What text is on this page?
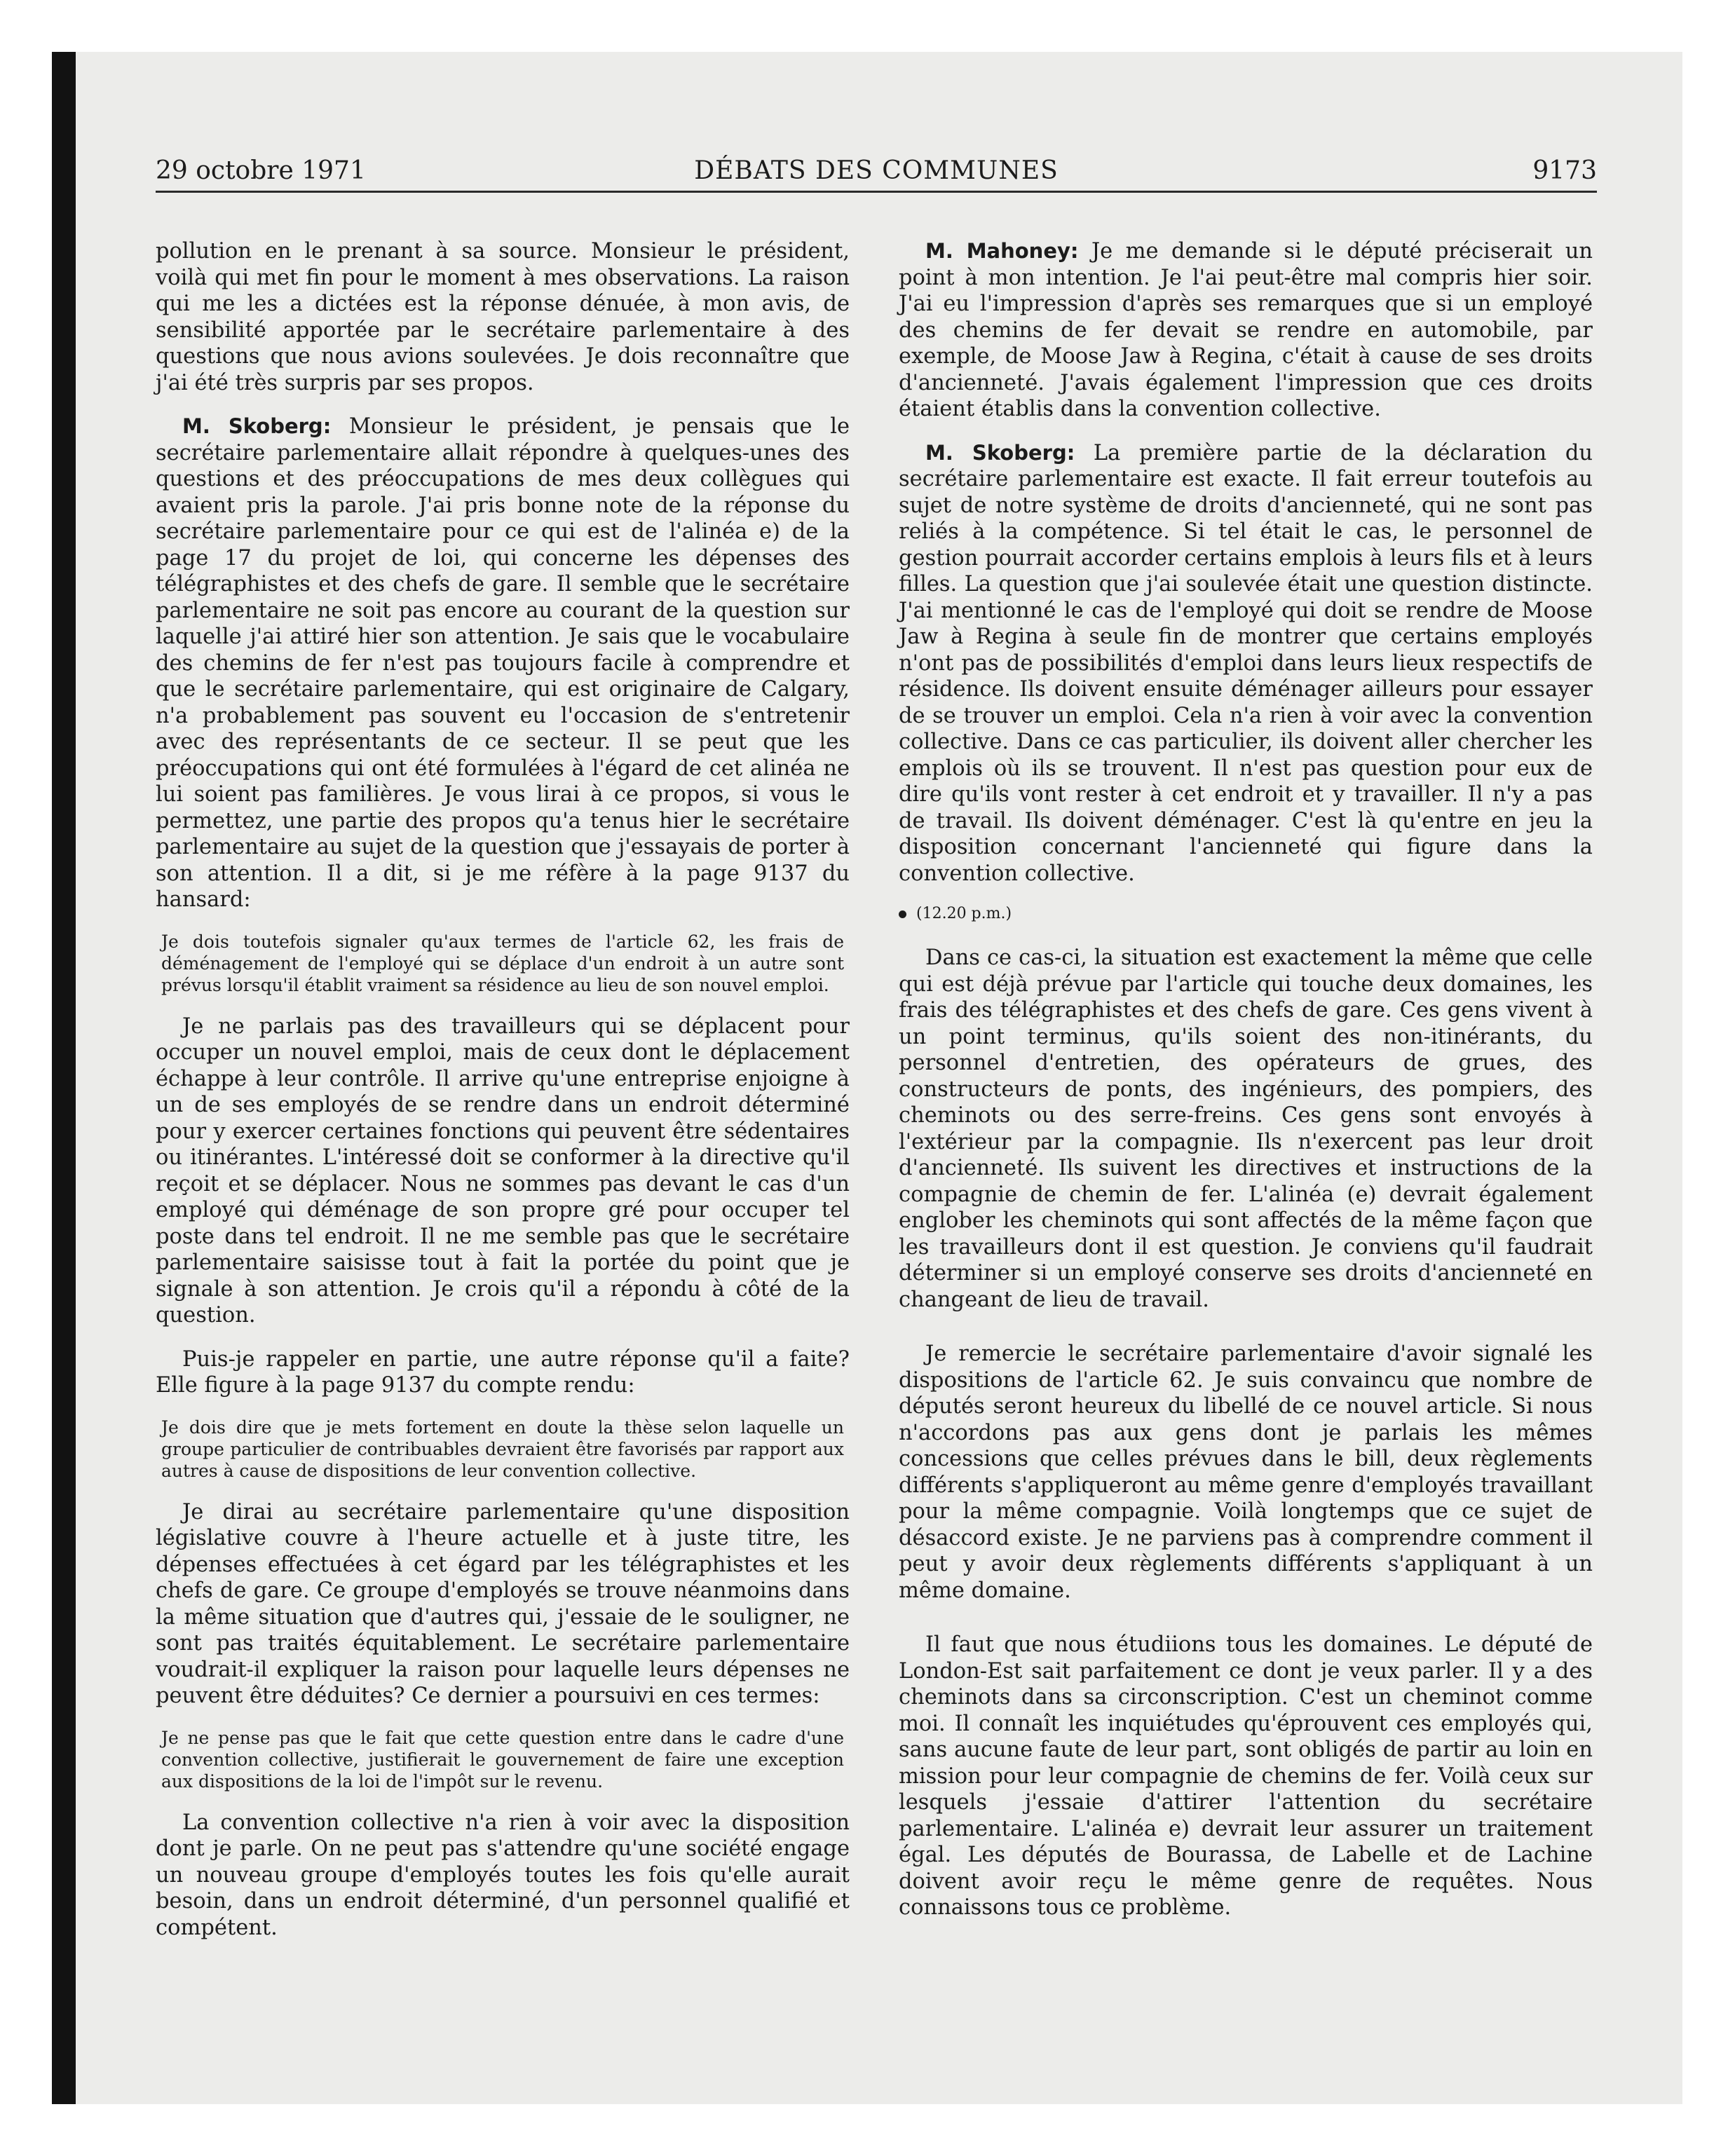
29 octobre 1971	DÉBATS DES COMMUNES	9173

pollution en le prenant à sa source. Monsieur le président, voilà qui met fin pour le moment à mes observations. La raison qui me les a dictées est la réponse dénuée, à mon avis, de sensibilité apportée par le secrétaire parlementaire à des questions que nous avions soulevées. Je dois reconnaître que j'ai été très surpris par ses propos.

M. Skoberg: Monsieur le président, je pensais que le secrétaire parlementaire allait répondre à quelques-unes des questions et des préoccupations de mes deux collègues qui avaient pris la parole. J'ai pris bonne note de la réponse du secrétaire parlementaire pour ce qui est de l'alinéa e) de la page 17 du projet de loi, qui concerne les dépenses des télégraphistes et des chefs de gare. Il semble que le secrétaire parlementaire ne soit pas encore au courant de la question sur laquelle j'ai attiré hier son attention. Je sais que le vocabulaire des chemins de fer n'est pas toujours facile à comprendre et que le secrétaire parlementaire, qui est originaire de Calgary, n'a probablement pas souvent eu l'occasion de s'entretenir avec des représentants de ce secteur. Il se peut que les préoccupations qui ont été formulées à l'égard de cet alinéa ne lui soient pas familières. Je vous lirai à ce propos, si vous le permettez, une partie des propos qu'a tenus hier le secrétaire parlementaire au sujet de la question que j'essayais de porter à son attention. Il a dit, si je me réfère à la page 9137 du hansard:

Je dois toutefois signaler qu'aux termes de l'article 62, les frais de déménagement de l'employé qui se déplace d'un endroit à un autre sont prévus lorsqu'il établit vraiment sa résidence au lieu de son nouvel emploi.

Je ne parlais pas des travailleurs qui se déplacent pour occuper un nouvel emploi, mais de ceux dont le déplacement échappe à leur contrôle. Il arrive qu'une entreprise enjoigne à un de ses employés de se rendre dans un endroit déterminé pour y exercer certaines fonctions qui peuvent être sédentaires ou itinérantes. L'intéressé doit se conformer à la directive qu'il reçoit et se déplacer. Nous ne sommes pas devant le cas d'un employé qui déménage de son propre gré pour occuper tel poste dans tel endroit. Il ne me semble pas que le secrétaire parlementaire saisisse tout à fait la portée du point que je signale à son attention. Je crois qu'il a répondu à côté de la question.

Puis-je rappeler en partie, une autre réponse qu'il a faite? Elle figure à la page 9137 du compte rendu:

Je dois dire que je mets fortement en doute la thèse selon laquelle un groupe particulier de contribuables devraient être favorisés par rapport aux autres à cause de dispositions de leur convention collective.

Je dirai au secrétaire parlementaire qu'une disposition législative couvre à l'heure actuelle et à juste titre, les dépenses effectuées à cet égard par les télégraphistes et les chefs de gare. Ce groupe d'employés se trouve néanmoins dans la même situation que d'autres qui, j'essaie de le souligner, ne sont pas traités équitablement. Le secrétaire parlementaire voudrait-il expliquer la raison pour laquelle leurs dépenses ne peuvent être déduites? Ce dernier a poursuivi en ces termes:

Je ne pense pas que le fait que cette question entre dans le cadre d'une convention collective, justifierait le gouvernement de faire une exception aux dispositions de la loi de l'impôt sur le revenu.

La convention collective n'a rien à voir avec la disposition dont je parle. On ne peut pas s'attendre qu'une société engage un nouveau groupe d'employés toutes les fois qu'elle aurait besoin, dans un endroit déterminé, d'un personnel qualifié et compétent.

M. Mahoney: Je me demande si le député préciserait un point à mon intention. Je l'ai peut-être mal compris hier soir. J'ai eu l'impression d'après ses remarques que si un employé des chemins de fer devait se rendre en automobile, par exemple, de Moose Jaw à Regina, c'était à cause de ses droits d'ancienneté. J'avais également l'impression que ces droits étaient établis dans la convention collective.

M. Skoberg: La première partie de la déclaration du secrétaire parlementaire est exacte. Il fait erreur toutefois au sujet de notre système de droits d'ancienneté, qui ne sont pas reliés à la compétence. Si tel était le cas, le personnel de gestion pourrait accorder certains emplois à leurs fils et à leurs filles. La question que j'ai soulevée était une question distincte. J'ai mentionné le cas de l'employé qui doit se rendre de Moose Jaw à Regina à seule fin de montrer que certains employés n'ont pas de possibilités d'emploi dans leurs lieux respectifs de résidence. Ils doivent ensuite déménager ailleurs pour essayer de se trouver un emploi. Cela n'a rien à voir avec la convention collective. Dans ce cas particulier, ils doivent aller chercher les emplois où ils se trouvent. Il n'est pas question pour eux de dire qu'ils vont rester à cet endroit et y travailler. Il n'y a pas de travail. Ils doivent déménager. C'est là qu'entre en jeu la disposition concernant l'ancienneté qui figure dans la convention collective.

(12.20 p.m.)

Dans ce cas-ci, la situation est exactement la même que celle qui est déjà prévue par l'article qui touche deux domaines, les frais des télégraphistes et des chefs de gare. Ces gens vivent à un point terminus, qu'ils soient des non-itinérants, du personnel d'entretien, des opérateurs de grues, des constructeurs de ponts, des ingénieurs, des pompiers, des cheminots ou des serre-freins. Ces gens sont envoyés à l'extérieur par la compagnie. Ils n'exercent pas leur droit d'ancienneté. Ils suivent les directives et instructions de la compagnie de chemin de fer. L'alinéa (e) devrait également englober les cheminots qui sont affectés de la même façon que les travailleurs dont il est question. Je conviens qu'il faudrait déterminer si un employé conserve ses droits d'ancienneté en changeant de lieu de travail.

Je remercie le secrétaire parlementaire d'avoir signalé les dispositions de l'article 62. Je suis convaincu que nombre de députés seront heureux du libellé de ce nouvel article. Si nous n'accordons pas aux gens dont je parlais les mêmes concessions que celles prévues dans le bill, deux règlements différents s'appliqueront au même genre d'employés travaillant pour la même compagnie. Voilà longtemps que ce sujet de désaccord existe. Je ne parviens pas à comprendre comment il peut y avoir deux règlements différents s'appliquant à un même domaine.

Il faut que nous étudiions tous les domaines. Le député de London-Est sait parfaitement ce dont je veux parler. Il y a des cheminots dans sa circonscription. C'est un cheminot comme moi. Il connaît les inquiétudes qu'éprouvent ces employés qui, sans aucune faute de leur part, sont obligés de partir au loin en mission pour leur compagnie de chemins de fer. Voilà ceux sur lesquels j'essaie d'attirer l'attention du secrétaire parlementaire. L'alinéa e) devrait leur assurer un traitement égal. Les députés de Bourassa, de Labelle et de Lachine doivent avoir reçu le même genre de requêtes. Nous connaissons tous ce problème.
